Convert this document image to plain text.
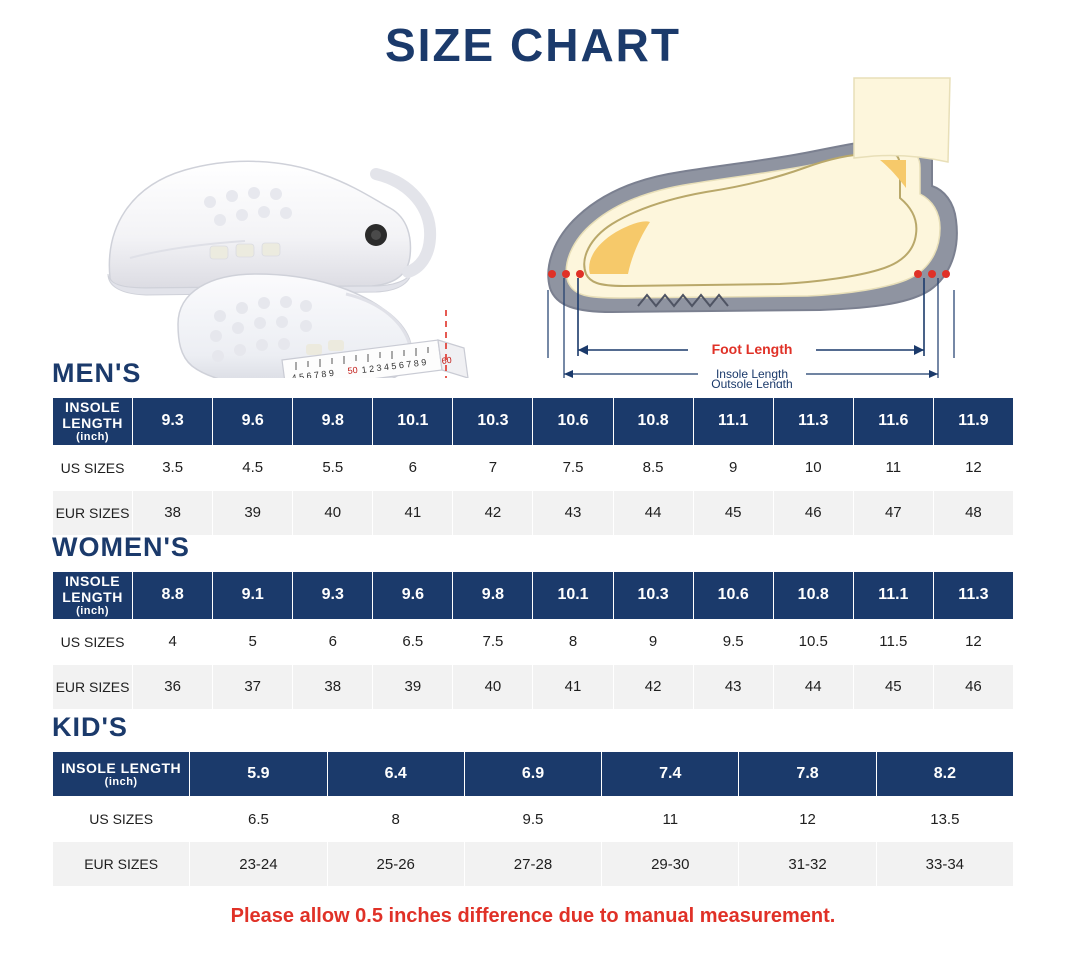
SIZE CHART
4 5 6 7 8 9 50 1 2 3 4 5 6 7 8 9 60
Foot Length
Insole Length
Outsole Length
MEN'S
INSOLE LENGTH
(inch)	9.3	9.6	9.8	10.1	10.3	10.6	10.8	11.1	11.3	11.6	11.9
US SIZES	3.5	4.5	5.5	6	7	7.5	8.5	9	10	11	12
EUR SIZES	38	39	40	41	42	43	44	45	46	47	48
WOMEN'S
INSOLE LENGTH
(inch)	8.8	9.1	9.3	9.6	9.8	10.1	10.3	10.6	10.8	11.1	11.3
US SIZES	4	5	6	6.5	7.5	8	9	9.5	10.5	11.5	12
EUR SIZES	36	37	38	39	40	41	42	43	44	45	46
KID'S
INSOLE LENGTH
(inch)	5.9	6.4	6.9	7.4	7.8	8.2
US SIZES	6.5	8	9.5	11	12	13.5
EUR SIZES	23-24	25-26	27-28	29-30	31-32	33-34
Please allow 0.5 inches difference due to manual measurement.
